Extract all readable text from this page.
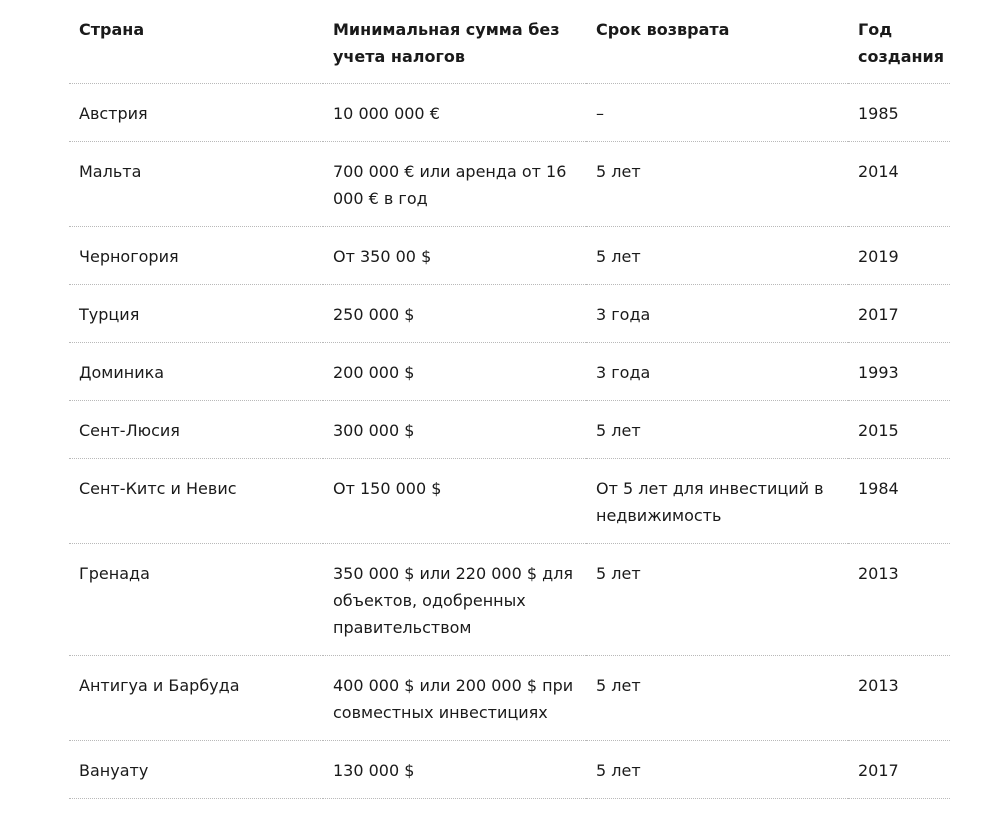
Страна	Минимальная сумма без учета налогов	Срок возврата	Год создания
Австрия	10 000 000 €	–	1985
Мальта	700 000 € или аренда от 16 000 € в год	5 лет	2014
Черногория	От 350 00 $	5 лет	2019
Турция	250 000 $	3 года	2017
Доминика	200 000 $	3 года	1993
Сент-Люсия	300 000 $	5 лет	2015
Сент-Китс и Невис	От 150 000 $	От 5 лет для инвестиций в недвижимость	1984
Гренада	350 000 $ или 220 000 $ для объектов, одобренных правительством	5 лет	2013
Антигуа и Барбуда	400 000 $ или 200 000 $ при совместных инвестициях	5 лет	2013
Вануату	130 000 $	5 лет	2017
